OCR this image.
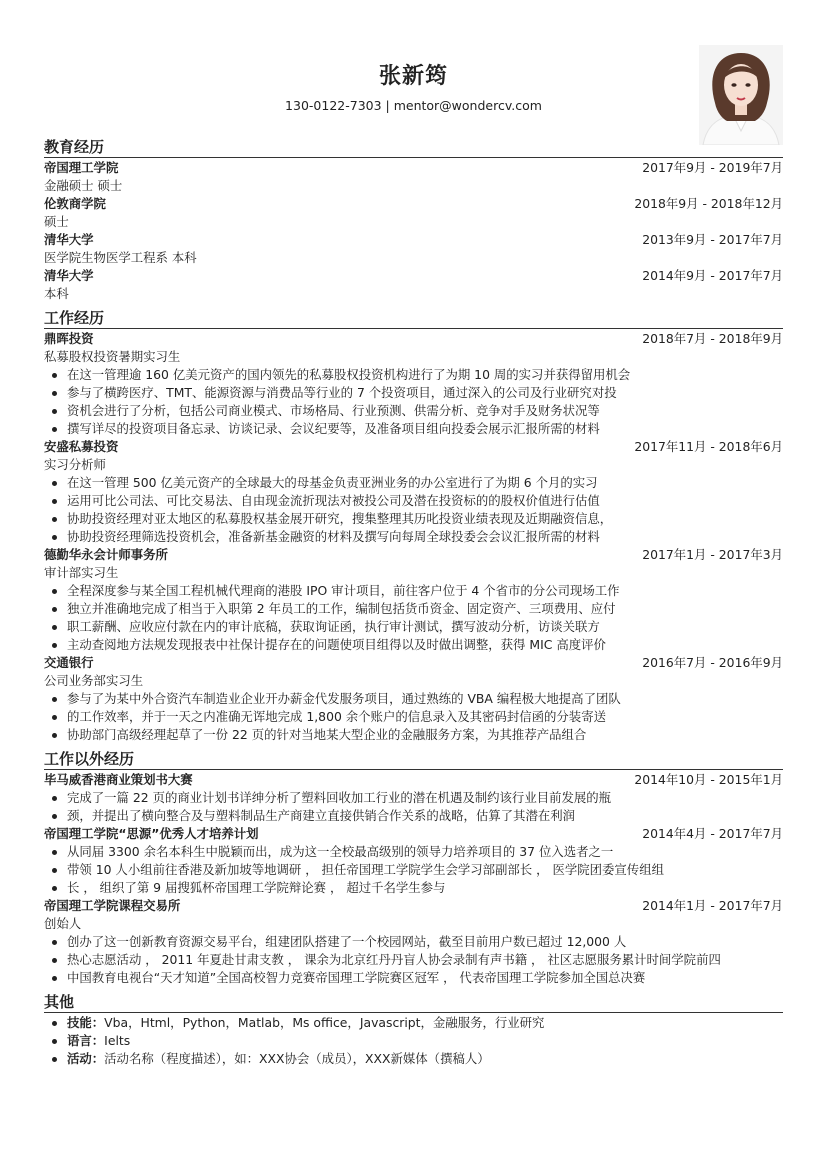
张新筠
130-0122-7303 | mentor@wondercv.com
教育经历
帝国理工学院	2017年9月 - 2019年7月
金融硕士 硕士
伦敦商学院	2018年9月 - 2018年12月
硕士
清华大学	2013年9月 - 2017年7月
医学院生物医学工程系 本科
清华大学	2014年9月 - 2017年7月
本科
工作经历
鼎晖投资	2018年7月 - 2018年9月
私募股权投资暑期实习生
在这一管理逾 160 亿美元资产的国内领先的私募股权投资机构进行了为期 10 周的实习并获得留用机会
参与了横跨医疗、TMT、能源资源与消费品等行业的 7 个投资项目，通过深入的公司及行业研究对投
资机会进行了分析，包括公司商业模式、市场格局、行业预测、供需分析、竞争对手及财务状况等
撰写详尽的投资项目备忘录、访谈记录、会议纪要等，及准备项目组向投委会展示汇报所需的材料
安盛私募投资	2017年11月 - 2018年6月
实习分析师
在这一管理 500 亿美元资产的全球最大的母基金负责亚洲业务的办公室进行了为期 6 个月的实习
运用可比公司法、可比交易法、自由现金流折现法对被投公司及潜在投资标的的股权价值进行估值
协助投资经理对亚太地区的私募股权基金展开研究，搜集整理其历叱投资业绩表现及近期融资信息，
协助投资经理筛选投资机会，准备新基金融资的材料及撰写向每周全球投委会会议汇报所需的材料
德勤华永会计师事务所	2017年1月 - 2017年3月
审计部实习生
全程深度参与某全国工程机械代理商的港股 IPO 审计项目，前往客户位于 4 个省市的分公司现场工作
独立并准确地完成了相当于入职第 2 年员工的工作，编制包括货币资金、固定资产、三项费用、应付
职工薪酬、应收应付款在内的审计底稿，获取询证函，执行审计测试，撰写波动分析，访谈关联方
主动查阅地方法规发现报表中社保计提存在的问题使项目组得以及时做出调整，获得 MIC 高度评价
交通银行	2016年7月 - 2016年9月
公司业务部实习生
参与了为某中外合资汽车制造业企业开办薪金代发服务项目，通过熟练的 VBA 编程极大地提高了团队
的工作效率，并于一天之内准确无诨地完成 1,800 余个账户的信息录入及其密码封信函的分装寄送
协助部门高级经理起草了一份 22 页的针对当地某大型企业的金融服务方案，为其推荐产品组合
工作以外经历
毕马威香港商业策划书大赛	2014年10月 - 2015年1月
完成了一篇 22 页的商业计划书详绅分析了塑料回收加工行业的潜在机遇及制约该行业目前发展的瓶
颈，并提出了横向整合及与塑料制品生产商建立直接供销合作关系的战略，估算了其潜在利润
帝国理工学院“思源”优秀人才培养计划	2014年4月 - 2017年7月
从同届 3300 余名本科生中脱颖而出，成为这一全校最高级别的领导力培养项目的 37 位入选者之一
带领 10 人小组前往香港及新加坡等地调研 ， 担任帝国理工学院学生会学习部副部长 ， 医学院团委宣传组组
长 ， 组织了第 9 届搜狐杯帝国理工学院辩论赛 ， 超过千名学生参与
帝国理工学院课程交易所	2014年1月 - 2017年7月
创始人
创办了这一创新教育资源交易平台，组建团队搭建了一个校园网站，截至目前用户数已超过 12,000 人
热心志愿活动 ， 2011 年夏赴甘肃支教 ， 课余为北京红丹丹盲人协会录制有声书籍 ， 社区志愿服务累计时间学院前四
中国教育电视台“天才知道”全国高校智力竞赛帝国理工学院赛区冠军 ， 代表帝国理工学院参加全国总决赛
其他
技能：Vba，Html，Python，Matlab，Ms office，Javascript，金融服务，行业研究
语言：Ielts
活动：活动名称（程度描述），如：XXX协会（成员），XXX新媒体（撰稿人）
